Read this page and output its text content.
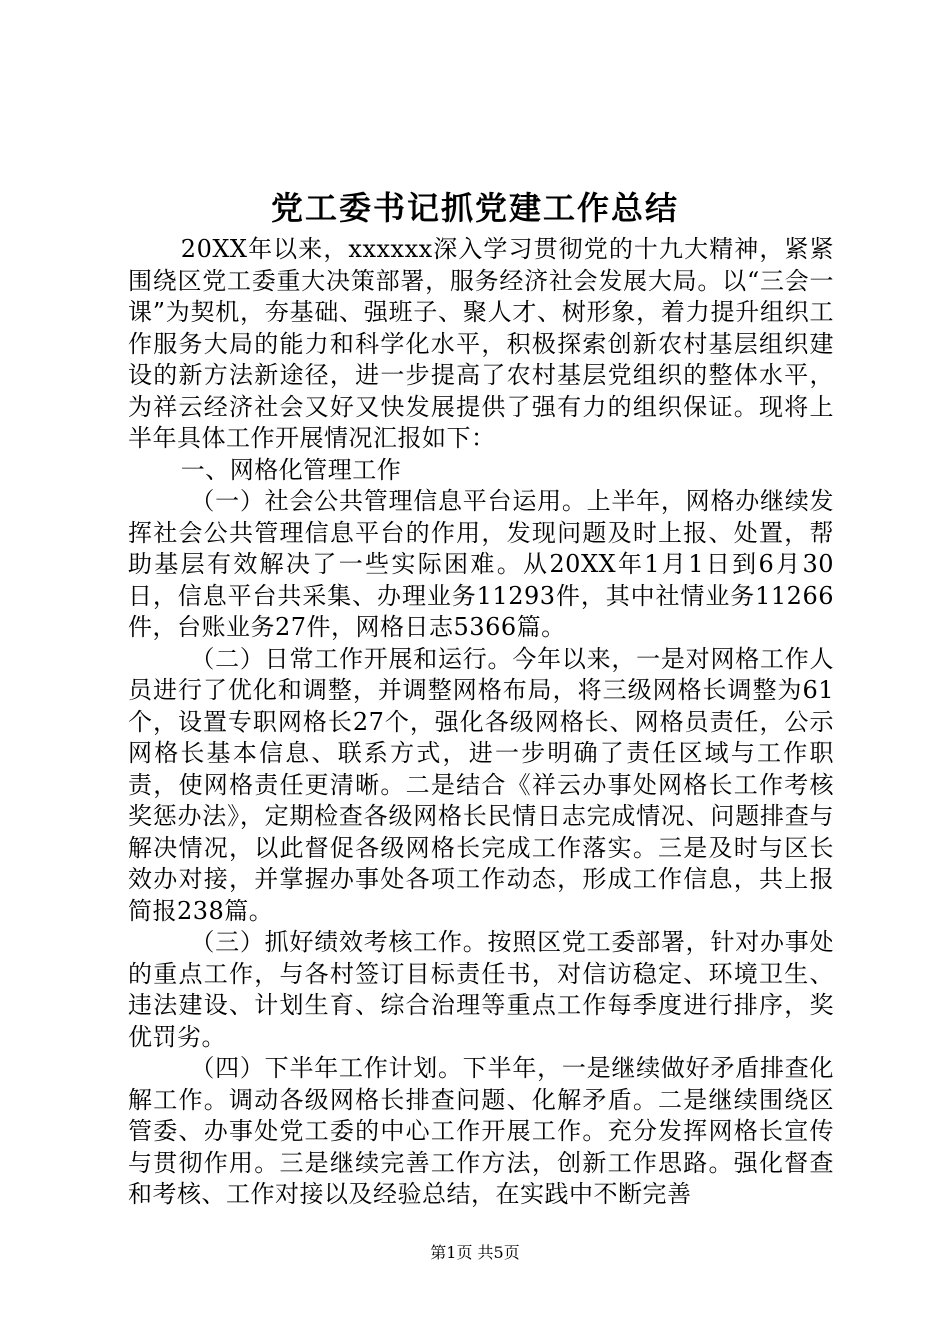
党工委书记抓党建工作总结

20XX年以来，xxxxxx深入学习贯彻党的十九大精神，紧紧围绕区党工委重大决策部署，服务经济社会发展大局。以“三会一课”为契机，夯基础、强班子、聚人才、树形象，着力提升组织工作服务大局的能力和科学化水平，积极探索创新农村基层组织建设的新方法新途径，进一步提高了农村基层党组织的整体水平，为祥云经济社会又好又快发展提供了强有力的组织保证。现将上半年具体工作开展情况汇报如下：

一、网格化管理工作

（一）社会公共管理信息平台运用。上半年，网格办继续发挥社会公共管理信息平台的作用，发现问题及时上报、处置，帮助基层有效解决了一些实际困难。从20XX年1月1日到6月30日，信息平台共采集、办理业务11293件，其中社情业务11266件，台账业务27件，网格日志5366篇。

（二）日常工作开展和运行。今年以来，一是对网格工作人员进行了优化和调整，并调整网格布局，将三级网格长调整为61个，设置专职网格长27个，强化各级网格长、网格员责任，公示网格长基本信息、联系方式，进一步明确了责任区域与工作职责，使网格责任更清晰。二是结合《祥云办事处网格长工作考核奖惩办法》，定期检查各级网格长民情日志完成情况、问题排查与解决情况，以此督促各级网格长完成工作落实。三是及时与区长效办对接，并掌握办事处各项工作动态，形成工作信息，共上报简报238篇。

（三）抓好绩效考核工作。按照区党工委部署，针对办事处的重点工作，与各村签订目标责任书，对信访稳定、环境卫生、违法建设、计划生育、综合治理等重点工作每季度进行排序，奖优罚劣。

（四）下半年工作计划。下半年，一是继续做好矛盾排查化解工作。调动各级网格长排查问题、化解矛盾。二是继续围绕区管委、办事处党工委的中心工作开展工作。充分发挥网格长宣传与贯彻作用。三是继续完善工作方法，创新工作思路。强化督查和考核、工作对接以及经验总结，在实践中不断完善

第1页 共5页
